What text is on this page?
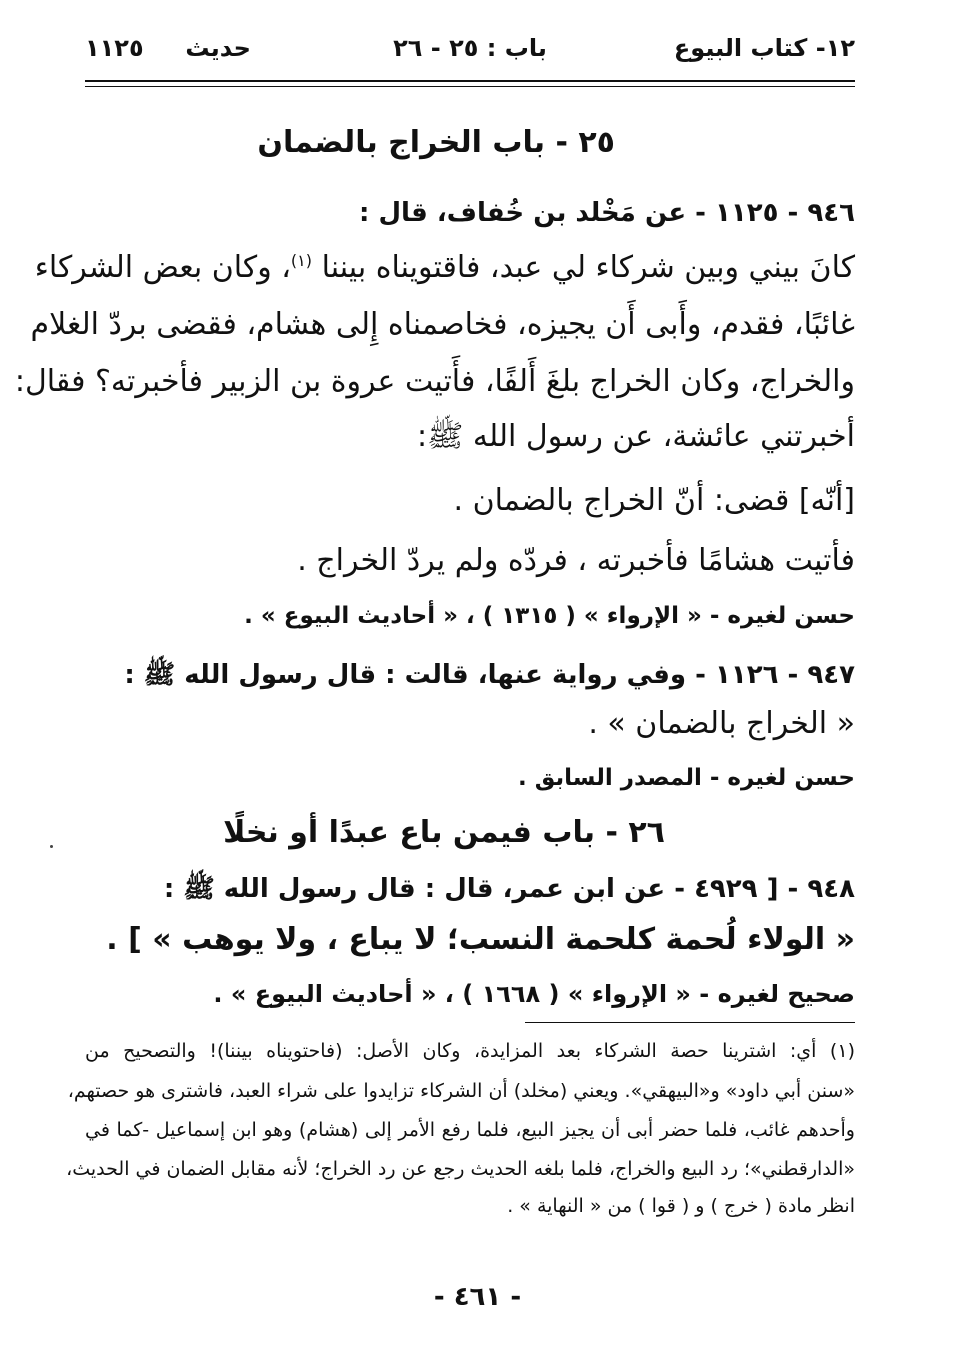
١٢- كتاب البيوع
باب : ٢٥ - ٢٦
حديث     ١١٢٥
٢٥ - باب الخراج بالضمان
٩٤٦ - ١١٢٥ - عن مَخْلد بن خُفاف، قال :
كانَ بيني وبين شركاء لي عبد، فاقتويناه بيننا $^{(١)}$، وكان بعض الشركاء
غائبًا، فقدم، وأَبى أَن يجيزه، فخاصمناه إِلى هشام، فقضى بردّ الغلام
والخراج، وكان الخراج بلغَ أَلفًا، فأَتيت عروة بن الزبير فأخبرته؟ فقال:
أخبرتني عائشة، عن رسول الله ﷺ:
[أنّه] قضى: أنّ الخراج بالضمان .
فأتيت هشامًا فأخبرته ، فردّه ولم يردّ الخراج .
حسن لغيره - « الإرواء » ( ١٣١٥ ) ، « أحاديث البيوع » .
٩٤٧ - ١١٢٦ - وفي رواية عنها، قالت : قال رسول الله ﷺ :
« الخراج بالضمان » .
حسن لغيره - المصدر السابق .
٢٦ - باب فيمن باع عبدًا أو نخلًا
٩٤٨ - [ ٤٩٢٩ - عن ابن عمر، قال : قال رسول الله ﷺ :
« الولاء لُحمة كلحمة النسب؛ لا يباع ، ولا يوهب » ] .
صحيح لغيره - « الإرواء » ( ١٦٦٨ ) ، « أحاديث البيوع » .
(١) أي: اشترينا حصة الشركاء بعد المزايدة، وكان الأصل: (فاحتويناه بيننا)! والتصحيح من
«سنن أبي داود» و«البيهقي». ويعني (مخلد) أن الشركاء تزايدوا على شراء العبد، فاشترى هو حصتهم،
وأحدهم غائب، فلما حضر أبى أن يجيز البيع، فلما رفع الأمر إلى (هشام) وهو ابن إسماعيل -كما في
«الدارقطني»؛ رد البيع والخراج، فلما بلغه الحديث رجع عن رد الخراج؛ لأنه مقابل الضمان في الحديث،
انظر مادة ( خرج ) و ( قوا ) من « النهاية » .
- ٤٦١ -
